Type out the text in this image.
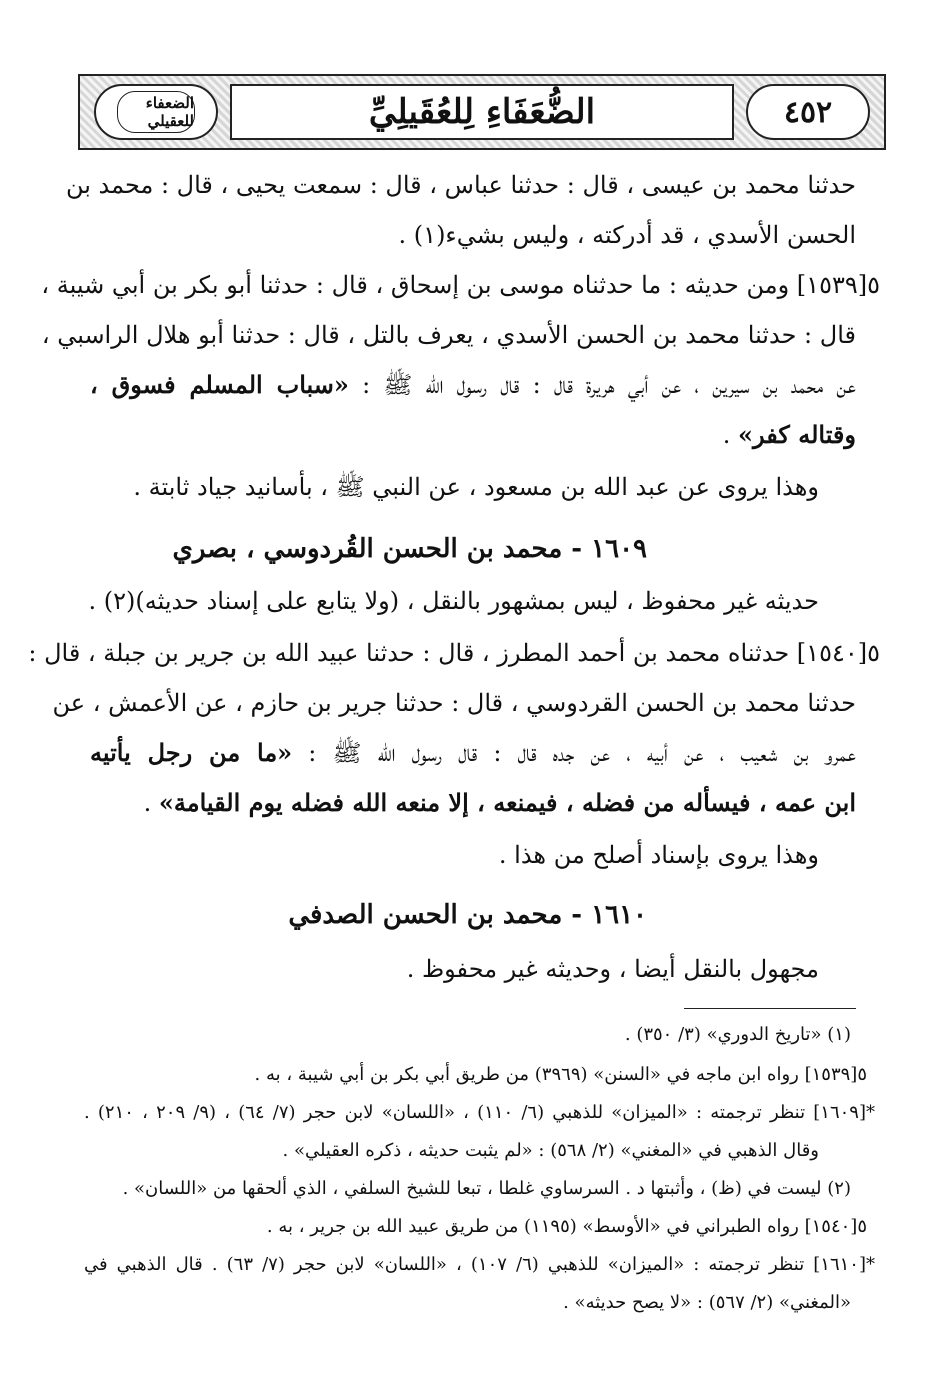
٤٥٢
الضُّعَفَاءِ لِلعُقَيلِيِّ
الضعفاء للعقيلي
حدثنا محمد بن عيسى ، قال : حدثنا عباس ، قال : سمعت يحيى ، قال : محمد بن
الحسن الأسدي ، قد أدركته ، وليس بشيء(١) .
٥[١٥٣٩] ومن حديثه : ما حدثناه موسى بن إسحاق ، قال : حدثنا أبو بكر بن أبي شيبة ،
قال : حدثنا محمد بن الحسن الأسدي ، يعرف بالتل ، قال : حدثنا أبو هلال الراسبي ،
عن محمد بن سيرين ، عن أبي هريرة قال : قال رسول الله ﷺ : «سباب المسلم فسوق ،
وقتاله كفر» .
وهذا يروى عن عبد الله بن مسعود ، عن النبي ﷺ ، بأسانيد جياد ثابتة .
١٦٠٩ - محمد بن الحسن القُردوسي ، بصري
حديثه غير محفوظ ، ليس بمشهور بالنقل ، (ولا يتابع على إسناد حديثه)(٢) .
٥[١٥٤٠] حدثناه محمد بن أحمد المطرز ، قال : حدثنا عبيد الله بن جرير بن جبلة ، قال :
حدثنا محمد بن الحسن القردوسي ، قال : حدثنا جرير بن حازم ، عن الأعمش ، عن
عمرو بن شعيب ، عن أبيه ، عن جده قال : قال رسول الله ﷺ : «ما من رجل يأتيه
ابن عمه ، فيسأله من فضله ، فيمنعه ، إلا منعه الله فضله يوم القيامة» .
وهذا يروى بإسناد أصلح من هذا .
١٦١٠ - محمد بن الحسن الصدفي
مجهول بالنقل أيضا ، وحديثه غير محفوظ .
(١) «تاريخ الدوري» (٣/ ٣٥٠) .
٥[١٥٣٩] رواه ابن ماجه في «السنن» (٣٩٦٩) من طريق أبي بكر بن أبي شيبة ، به .
*[١٦٠٩] تنظر ترجمته : «الميزان» للذهبي (٦/ ١١٠) ، «اللسان» لابن حجر (٧/ ٦٤) ، (٩/ ٢٠٩ ، ٢١٠) .
وقال الذهبي في «المغني» (٢/ ٥٦٨) : «لم يثبت حديثه ، ذكره العقيلي» .
(٢) ليست في (ظ) ، وأثبتها د . السرساوي غلطا ، تبعا للشيخ السلفي ، الذي ألحقها من «اللسان» .
٥[١٥٤٠] رواه الطبراني في «الأوسط» (١١٩٥) من طريق عبيد الله بن جرير ، به .
*[١٦١٠] تنظر ترجمته : «الميزان» للذهبي (٦/ ١٠٧) ، «اللسان» لابن حجر (٧/ ٦٣) . قال الذهبي في
«المغني» (٢/ ٥٦٧) : «لا يصح حديثه» .
